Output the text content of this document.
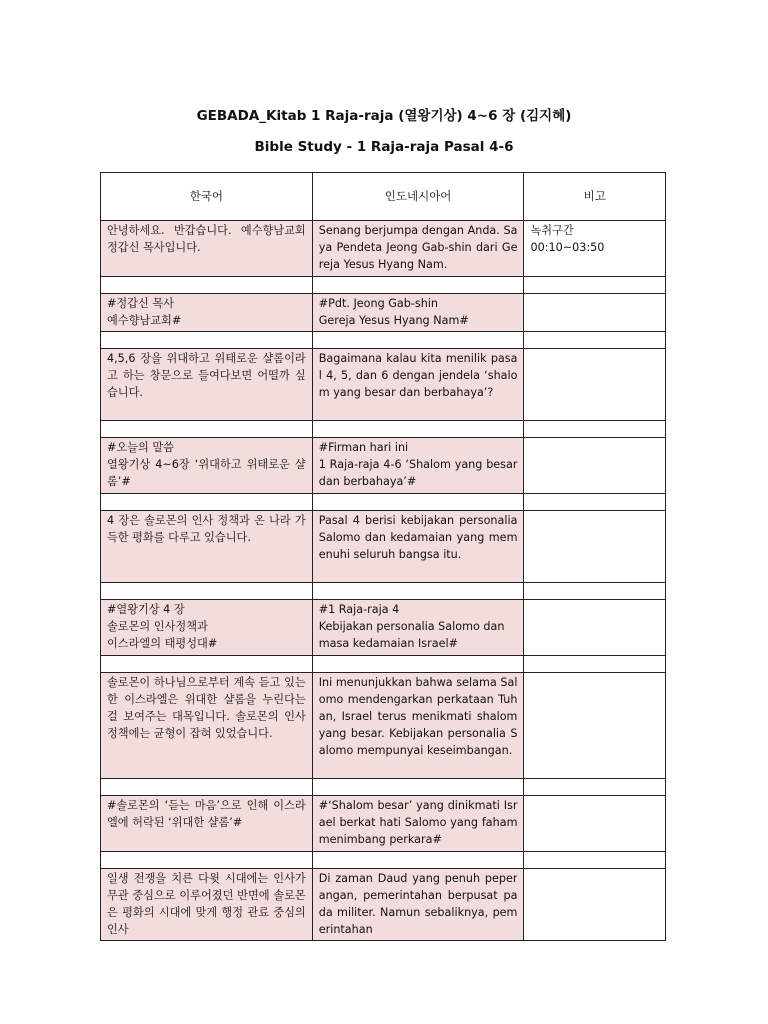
GEBADA_Kitab 1 Raja-raja (열왕기상) 4~6 장 (김지혜)
Bible Study - 1 Raja-raja Pasal 4-6
한국어	인도네시아어	비고

안녕하세요. 반갑습니다. 예수향남교회 정갑신 목사입니다.	Senang berjumpa dengan Anda. Saya Pendeta Jeong Gab-shin dari Gereja Yesus Hyang Nam.	녹취구간
00:10~03:50

#정갑신 목사
예수향남교회#	#Pdt. Jeong Gab-shin
Gereja Yesus Hyang Nam#	

4,5,6 장을 위대하고 위태로운 샬롬이라고 하는 창문으로 들여다보면 어떨까 싶습니다.	Bagaimana kalau kita menilik pasal 4, 5, dan 6 dengan jendela ‘shalom yang besar dan berbahaya’?	

#오늘의 말씀
열왕기상 4~6장 ‘위대하고 위태로운 샬롬’#	#Firman hari ini
1 Raja-raja 4-6 ‘Shalom yang besar dan berbahaya’#	

4 장은 솔로몬의 인사 정책과 온 나라 가득한 평화를 다루고 있습니다.	Pasal 4 berisi kebijakan personalia Salomo dan kedamaian yang memenuhi seluruh bangsa itu.	

#열왕기상 4 장
솔로몬의 인사정책과
이스라엘의 태평성대#	#1 Raja-raja 4
Kebijakan personalia Salomo dan masa kedamaian Israel#	

솔로몬이 하나님으로부터 계속 듣고 있는 한 이스라엘은 위대한 샬롬을 누린다는 걸 보여주는 대목입니다. 솔로몬의 인사 정책에는 균형이 잡혀 있었습니다.	Ini menunjukkan bahwa selama Salomo mendengarkan perkataan Tuhan, Israel terus menikmati shalom yang besar. Kebijakan personalia Salomo mempunyai keseimbangan.	

#솔로몬의 ‘듣는 마음’으로 인해 이스라엘에 허락된 ‘위대한 샬롬’#	#‘Shalom besar’ yang dinikmati Israel berkat hati Salomo yang faham menimbang perkara#	

일생 전쟁을 치른 다윗 시대에는 인사가 무관 중심으로 이루어졌던 반면에 솔로몬은 평화의 시대에 맞게 행정 관료 중심의 인사	Di zaman Daud yang penuh peperangan, pemerintahan berpusat pada militer. Namun sebaliknya, pemerintahan	
